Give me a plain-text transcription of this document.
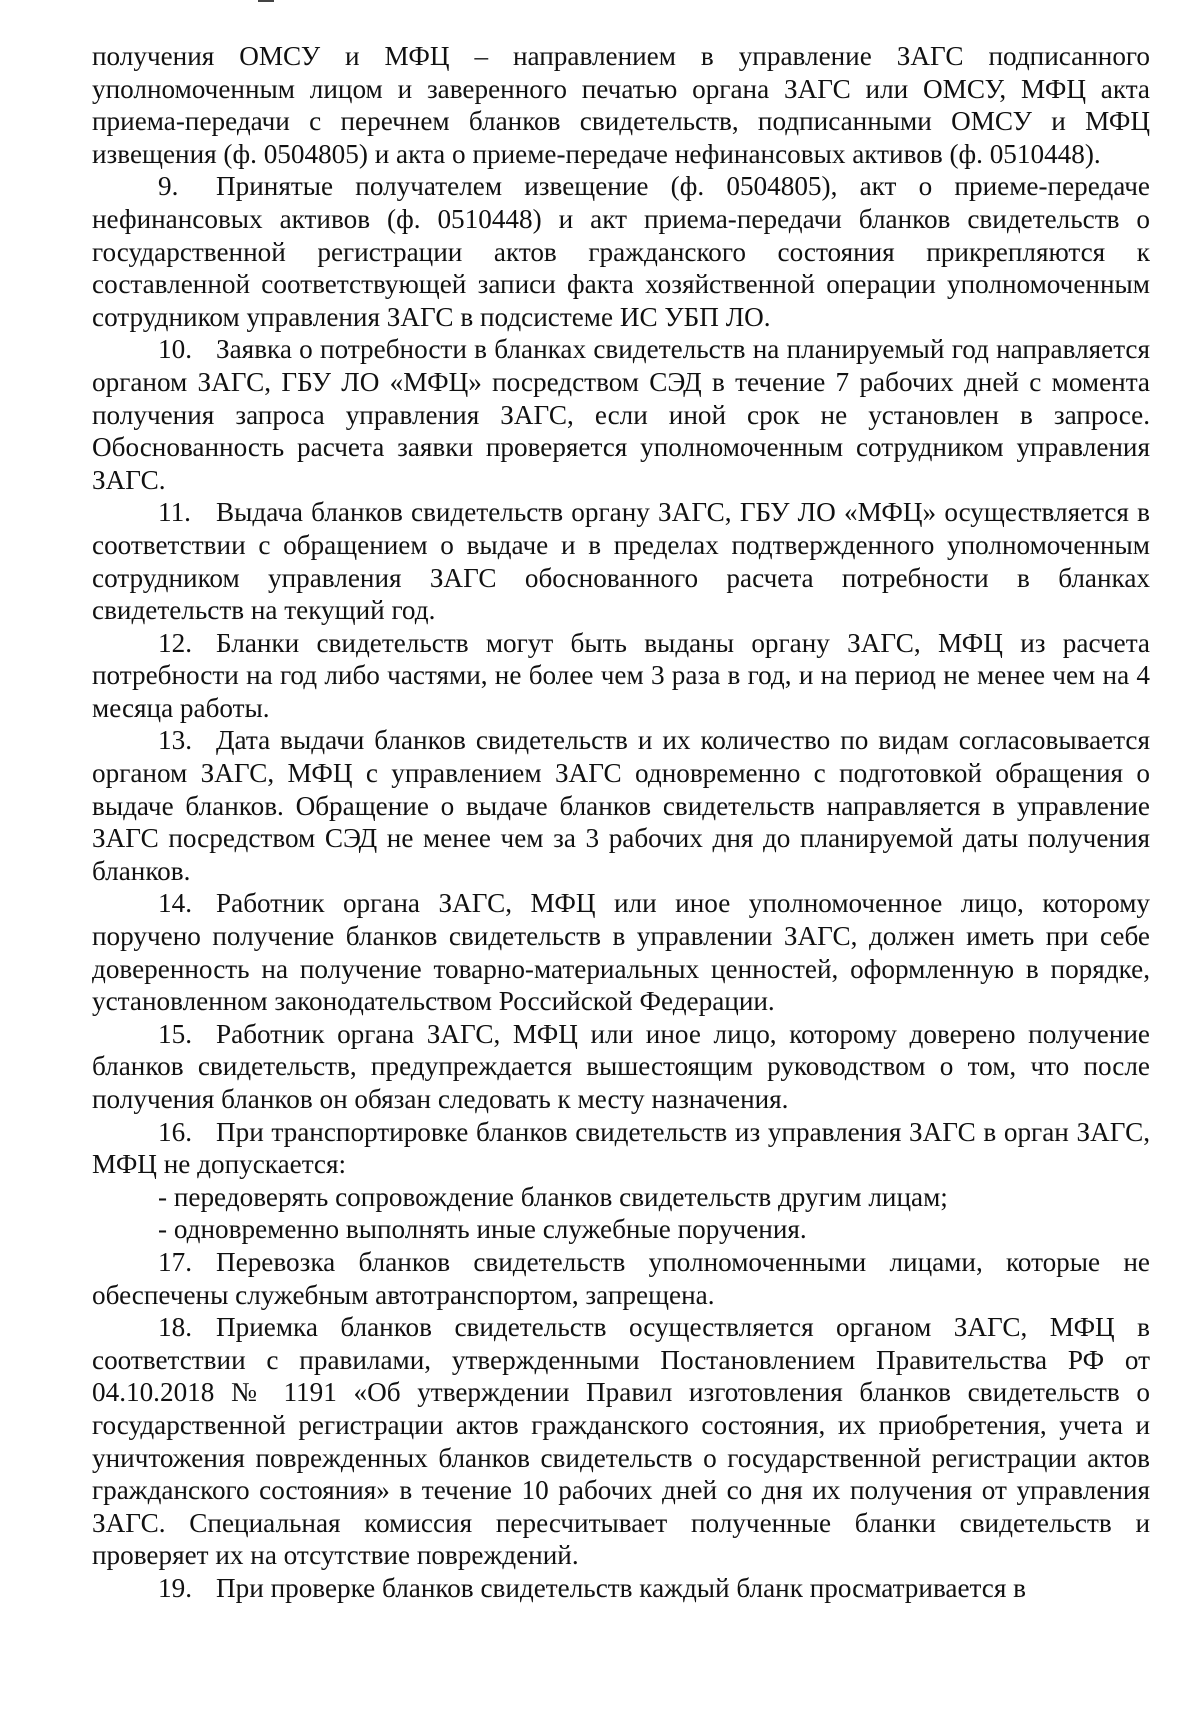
получения ОМСУ и МФЦ – направлением в управление ЗАГС подписанного уполномоченным лицом и заверенного печатью органа ЗАГС или ОМСУ, МФЦ акта приема-передачи с перечнем бланков свидетельств, подписанными ОМСУ и МФЦ извещения (ф. 0504805) и акта о приеме-передаче нефинансовых активов (ф. 0510448).

9. Принятые получателем извещение (ф. 0504805), акт о приеме-передаче нефинансовых активов (ф. 0510448) и акт приема-передачи бланков свидетельств о государственной регистрации актов гражданского состояния прикрепляются к составленной соответствующей записи факта хозяйственной операции уполномоченным сотрудником управления ЗАГС в подсистеме ИС УБП ЛО.

10. Заявка о потребности в бланках свидетельств на планируемый год направляется органом ЗАГС, ГБУ ЛО «МФЦ» посредством СЭД в течение 7 рабочих дней с момента получения запроса управления ЗАГС, если иной срок не установлен в запросе. Обоснованность расчета заявки проверяется уполномоченным сотрудником управления ЗАГС.

11. Выдача бланков свидетельств органу ЗАГС, ГБУ ЛО «МФЦ» осуществляется в соответствии с обращением о выдаче и в пределах подтвержденного уполномоченным сотрудником управления ЗАГС обоснованного расчета потребности в бланках свидетельств на текущий год.

12. Бланки свидетельств могут быть выданы органу ЗАГС, МФЦ из расчета потребности на год либо частями, не более чем 3 раза в год, и на период не менее чем на 4 месяца работы.

13. Дата выдачи бланков свидетельств и их количество по видам согласовывается органом ЗАГС, МФЦ с управлением ЗАГС одновременно с подготовкой обращения о выдаче бланков. Обращение о выдаче бланков свидетельств направляется в управление ЗАГС посредством СЭД не менее чем за 3 рабочих дня до планируемой даты получения бланков.

14. Работник органа ЗАГС, МФЦ или иное уполномоченное лицо, которому поручено получение бланков свидетельств в управлении ЗАГС, должен иметь при себе доверенность на получение товарно-материальных ценностей, оформленную в порядке, установленном законодательством Российской Федерации.

15. Работник органа ЗАГС, МФЦ или иное лицо, которому доверено получение бланков свидетельств, предупреждается вышестоящим руководством о том, что после получения бланков он обязан следовать к месту назначения.

16. При транспортировке бланков свидетельств из управления ЗАГС в орган ЗАГС, МФЦ не допускается:

- передоверять сопровождение бланков свидетельств другим лицам;

- одновременно выполнять иные служебные поручения.

17. Перевозка бланков свидетельств уполномоченными лицами, которые не обеспечены служебным автотранспортом, запрещена.

18. Приемка бланков свидетельств осуществляется органом ЗАГС, МФЦ в соответствии с правилами, утвержденными Постановлением Правительства РФ от 04.10.2018 № 1191 «Об утверждении Правил изготовления бланков свидетельств о государственной регистрации актов гражданского состояния, их приобретения, учета и уничтожения поврежденных бланков свидетельств о государственной регистрации актов гражданского состояния» в течение 10 рабочих дней со дня их получения от управления ЗАГС. Специальная комиссия пересчитывает полученные бланки свидетельств и проверяет их на отсутствие повреждений.

19. При проверке бланков свидетельств каждый бланк просматривается в
